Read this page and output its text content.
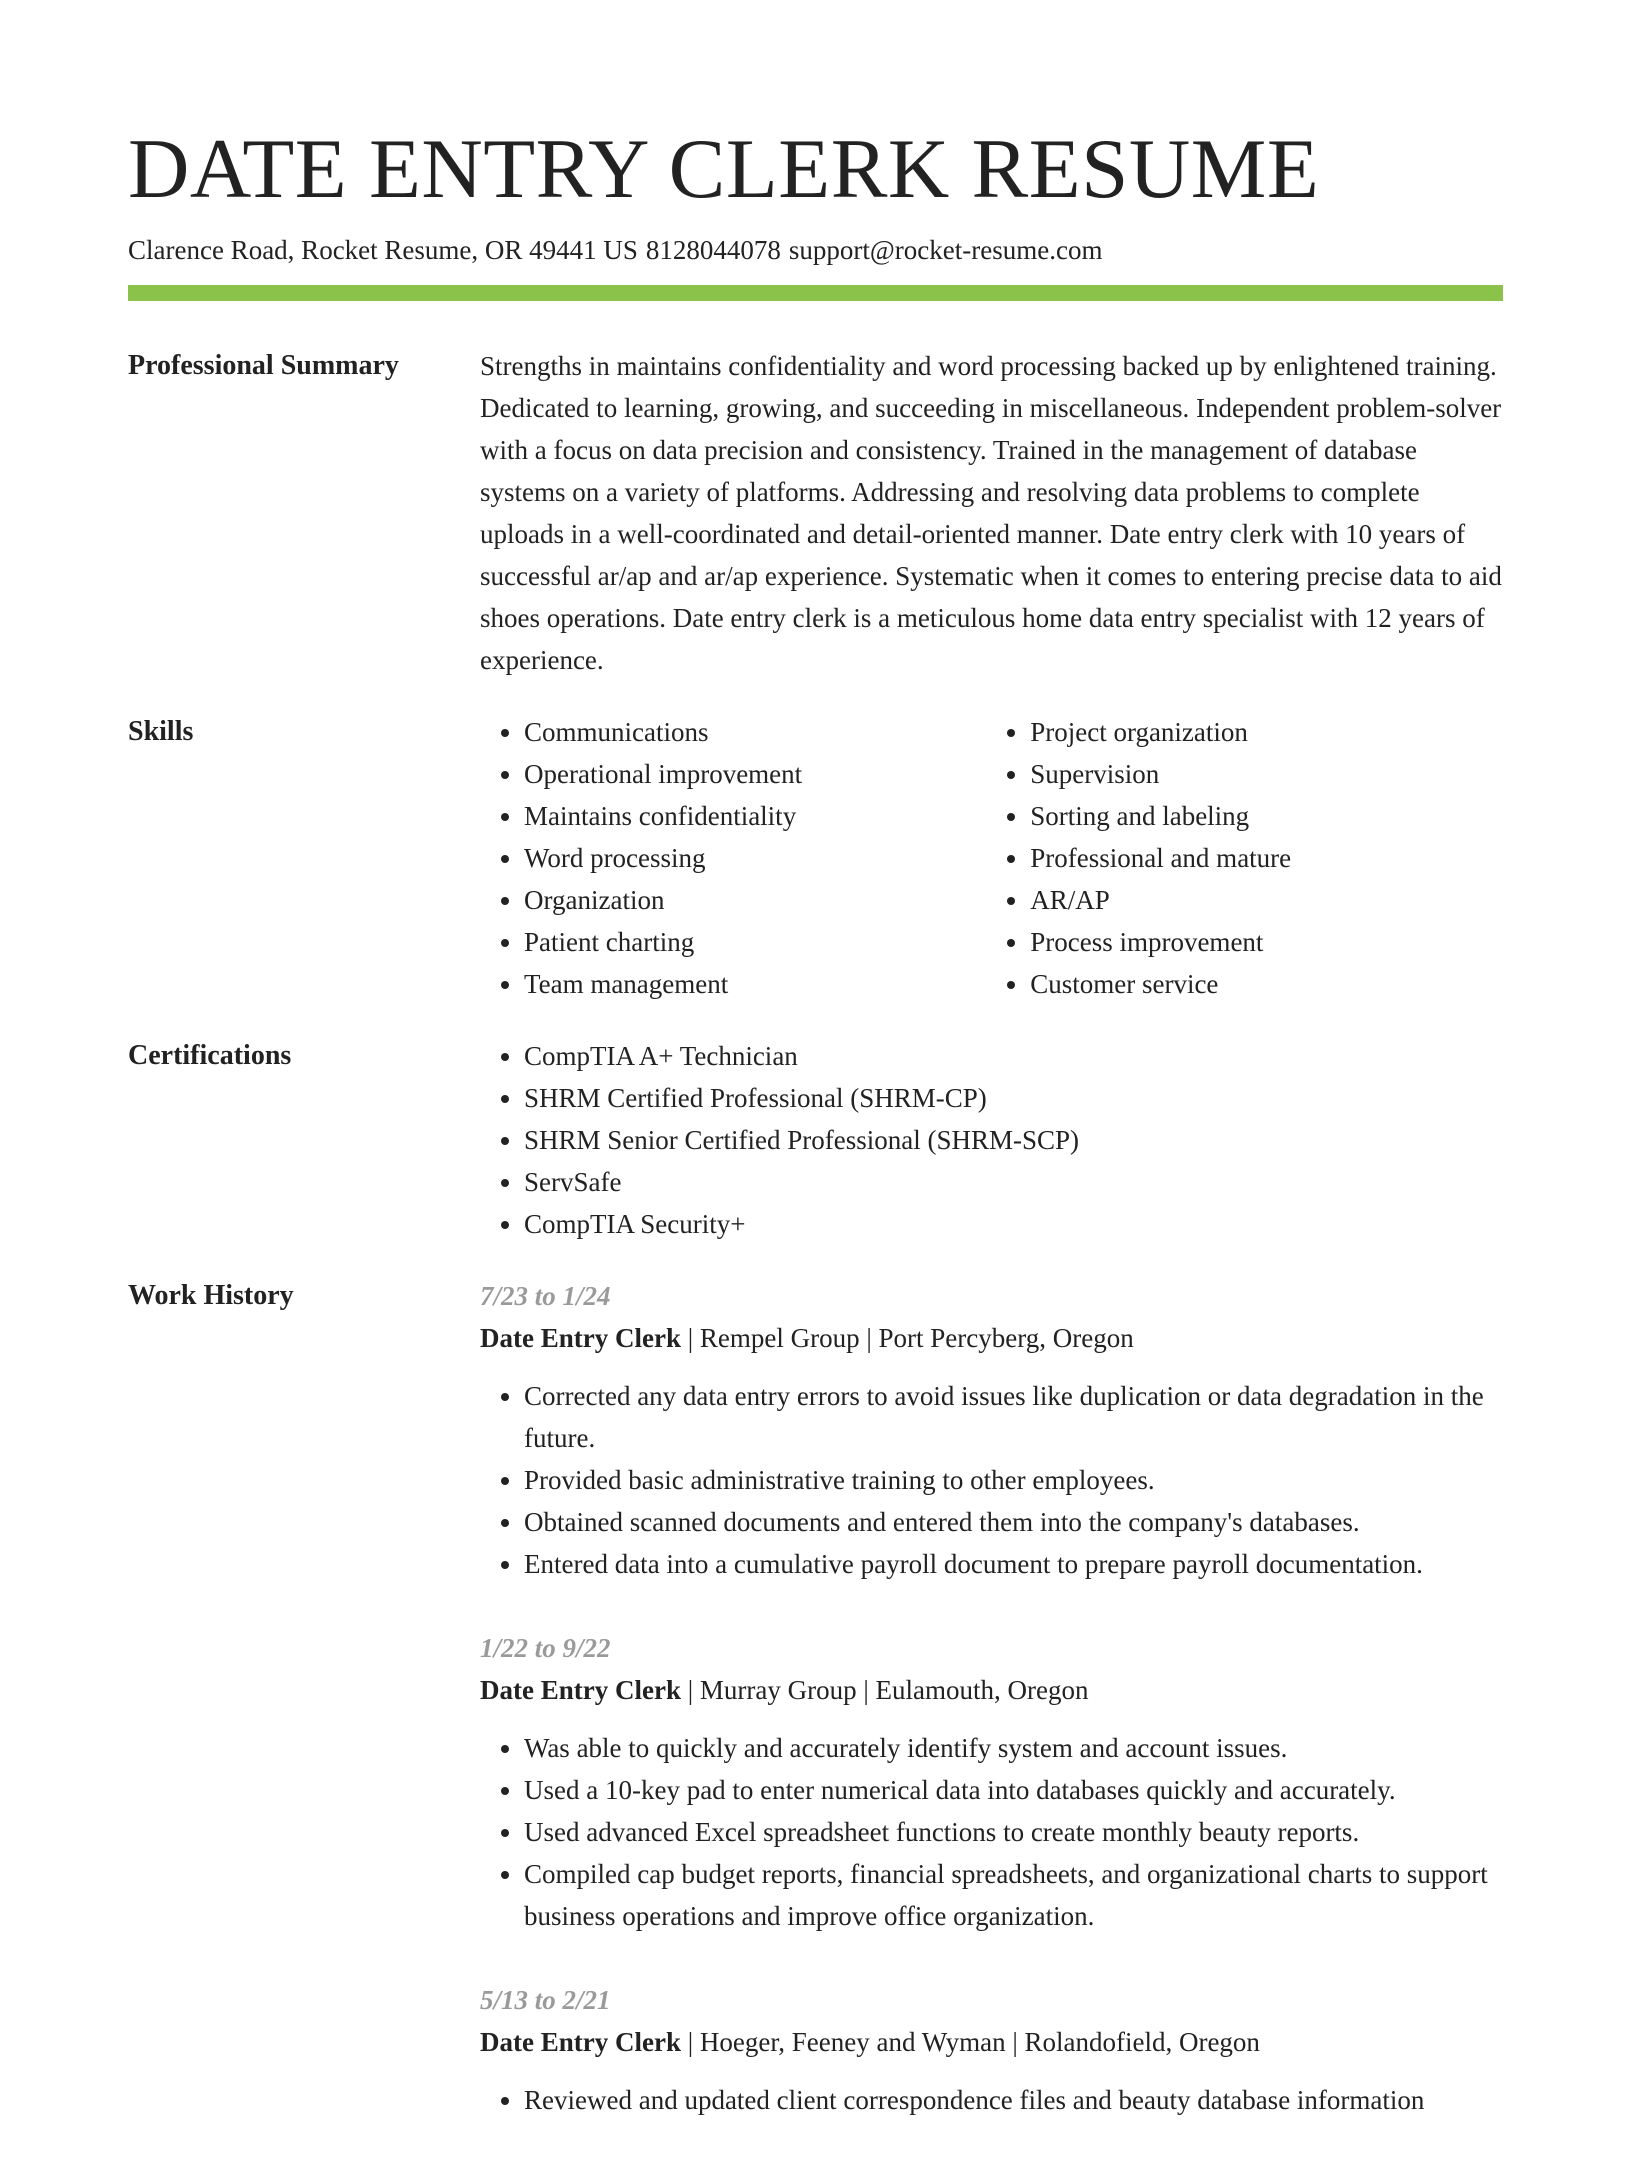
DATE ENTRY CLERK RESUME
Clarence Road, Rocket Resume, OR 49441 US 8128044078 support@rocket-resume.com
Professional Summary	Strengths in maintains confidentiality and word processing backed up by enlightened training. Dedicated to learning, growing, and succeeding in miscellaneous. Independent problem-solver with a focus on data precision and consistency. Trained in the management of database systems on a variety of platforms. Addressing and resolving data problems to complete uploads in a well-coordinated and detail-oriented manner. Date entry clerk with 10 years of successful ar/ap and ar/ap experience. Systematic when it comes to entering precise data to aid shoes operations. Date entry clerk is a meticulous home data entry specialist with 12 years of experience.

Skills	• Communications
• Operational improvement
• Maintains confidentiality
• Word processing
• Organization
• Patient charting
• Team management
• Project organization
• Supervision
• Sorting and labeling
• Professional and mature
• AR/AP
• Process improvement
• Customer service
Certifications	• CompTIA A+ Technician
• SHRM Certified Professional (SHRM-CP)
• SHRM Senior Certified Professional (SHRM-SCP)
• ServSafe
• CompTIA Security+
Work History	7/23 to 1/24
Date Entry Clerk | Rempel Group | Port Percyberg, Oregon
• Corrected any data entry errors to avoid issues like duplication or data degradation in the future.
• Provided basic administrative training to other employees.
• Obtained scanned documents and entered them into the company's databases.
• Entered data into a cumulative payroll document to prepare payroll documentation.
1/22 to 9/22
Date Entry Clerk | Murray Group | Eulamouth, Oregon
• Was able to quickly and accurately identify system and account issues.
• Used a 10-key pad to enter numerical data into databases quickly and accurately.
• Used advanced Excel spreadsheet functions to create monthly beauty reports.
• Compiled cap budget reports, financial spreadsheets, and organizational charts to support business operations and improve office organization.
5/13 to 2/21
Date Entry Clerk | Hoeger, Feeney and Wyman | Rolandofield, Oregon
• Reviewed and updated client correspondence files and beauty database information
